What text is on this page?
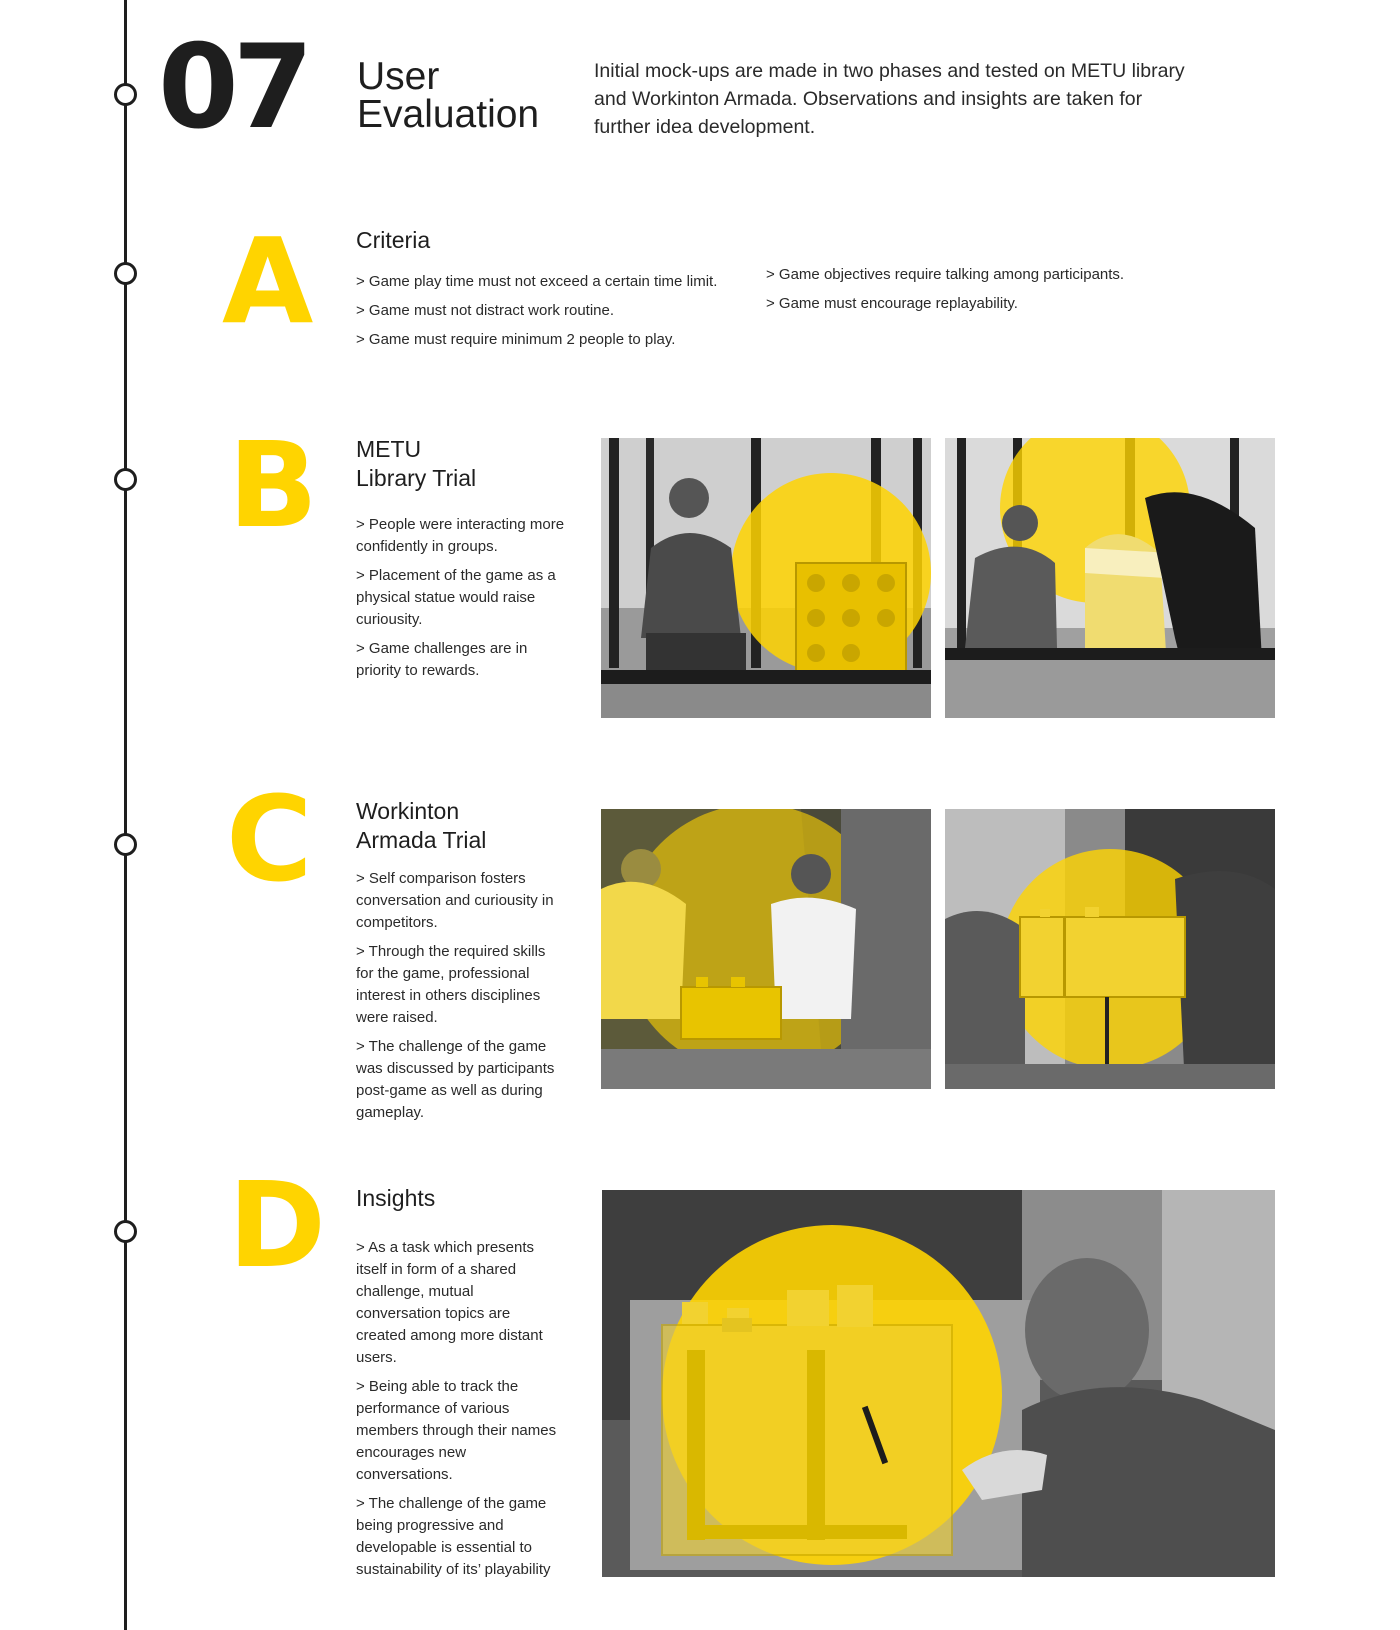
07 User
Evaluation
Initial mock-ups are made in two phases and tested on METU library and Workinton Armada. Observations and insights are taken for further idea development.
A Criteria
> Game play time must not exceed a certain time limit.
> Game must not distract work routine.
> Game must require minimum 2 people to play.
> Game objectives require talking among participants.
> Game must encourage replayability.
B METU
Library Trial
> People were interacting more confidently in groups.
> Placement of the game as a physical statue would raise curiousity.
> Game challenges are in priority to rewards.
C Workinton
Armada Trial
> Self comparison fosters conversation and curiousity in competitors.
> Through the required skills for the game, professional interest in others disciplines were raised.
> The challenge of the game was discussed by participants post-game as well as during gameplay.
D Insights
> As a task which presents itself in form of a shared challenge, mutual conversation topics are created among more distant users.
> Being able to track the performance of various members through their names encourages new conversations.
> The challenge of the game being progressive and developable is essential to sustainability of its’ playability
